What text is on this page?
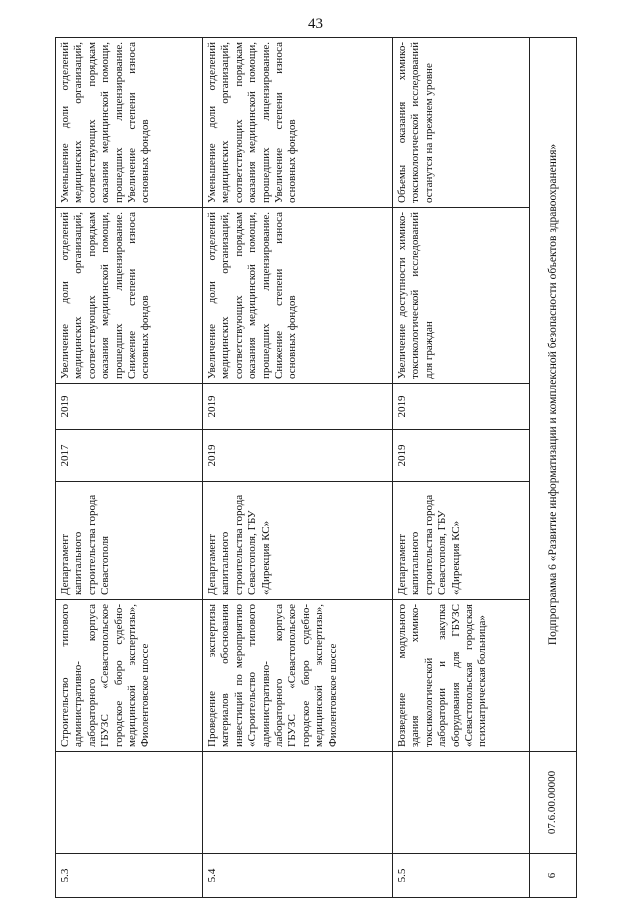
43
5.3		Строительство типового административно-лабораторного корпуса ГБУЗС «Севастопольское городское бюро судебно-медицинской экспертизы», Фиолентовское шоссе	Департамент капитального строительства города Севастополя	2017	2019	Увеличение доли отделений медицинских организаций, соответствующих порядкам оказания медицинской помощи, прошедших лицензирование. Снижение степени износа основных фондов	Уменьшение доли отделений медицинских организаций, соответствующих порядкам оказания медицинской помощи, прошедших лицензирование. Увеличение степени износа основных фондов
5.4		Проведение экспертизы материалов обоснования инвестиций по мероприятию «Строительство типового административно-лабораторного корпуса ГБУЗС «Севастопольское городское бюро судебно-медицинской экспертизы», Фиолентовское шоссе	Департамент капитального строительства города Севастополя, ГБУ «Дирекция КС»	2019	2019	Увеличение доли отделений медицинских организаций, соответствующих порядкам оказания медицинской помощи, прошедших лицензирование. Снижение степени износа основных фондов	Уменьшение доли отделений медицинских организаций, соответствующих порядкам оказания медицинской помощи, прошедших лицензирование. Увеличение степени износа основных фондов
5.5		Возведение модульного здания химико-токсикологической лаборатории и закупка оборудования для ГБУЗС «Севастопольская городская психиатрическая больница»	Департамент капитального строительства города Севастополя, ГБУ «Дирекция КС»	2019	2019	Увеличение доступности химико-токсикологической исследований для граждан	Объемы оказания химико-токсикологической исследований останутся на прежнем уровне
6	07.6.00.00000	Подпрограмма 6 «Развитие информатизации и комплексной безопасности объектов здравоохранения»					
